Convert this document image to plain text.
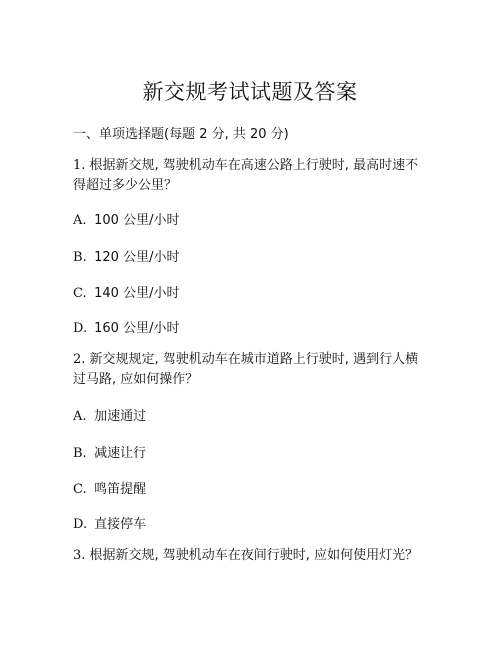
新交规考试试题及答案
一、单项选择题(每题 2 分, 共 20 分)
1. 根据新交规, 驾驶机动车在高速公路上行驶时, 最高时速不得超过多少公里？
A. 100 公里/小时
B. 120 公里/小时
C. 140 公里/小时
D. 160 公里/小时
2. 新交规规定, 驾驶机动车在城市道路上行驶时, 遇到行人横过马路, 应如何操作？
A. 加速通过
B. 减速让行
C. 鸣笛提醒
D. 直接停车
3. 根据新交规, 驾驶机动车在夜间行驶时, 应如何使用灯光？
